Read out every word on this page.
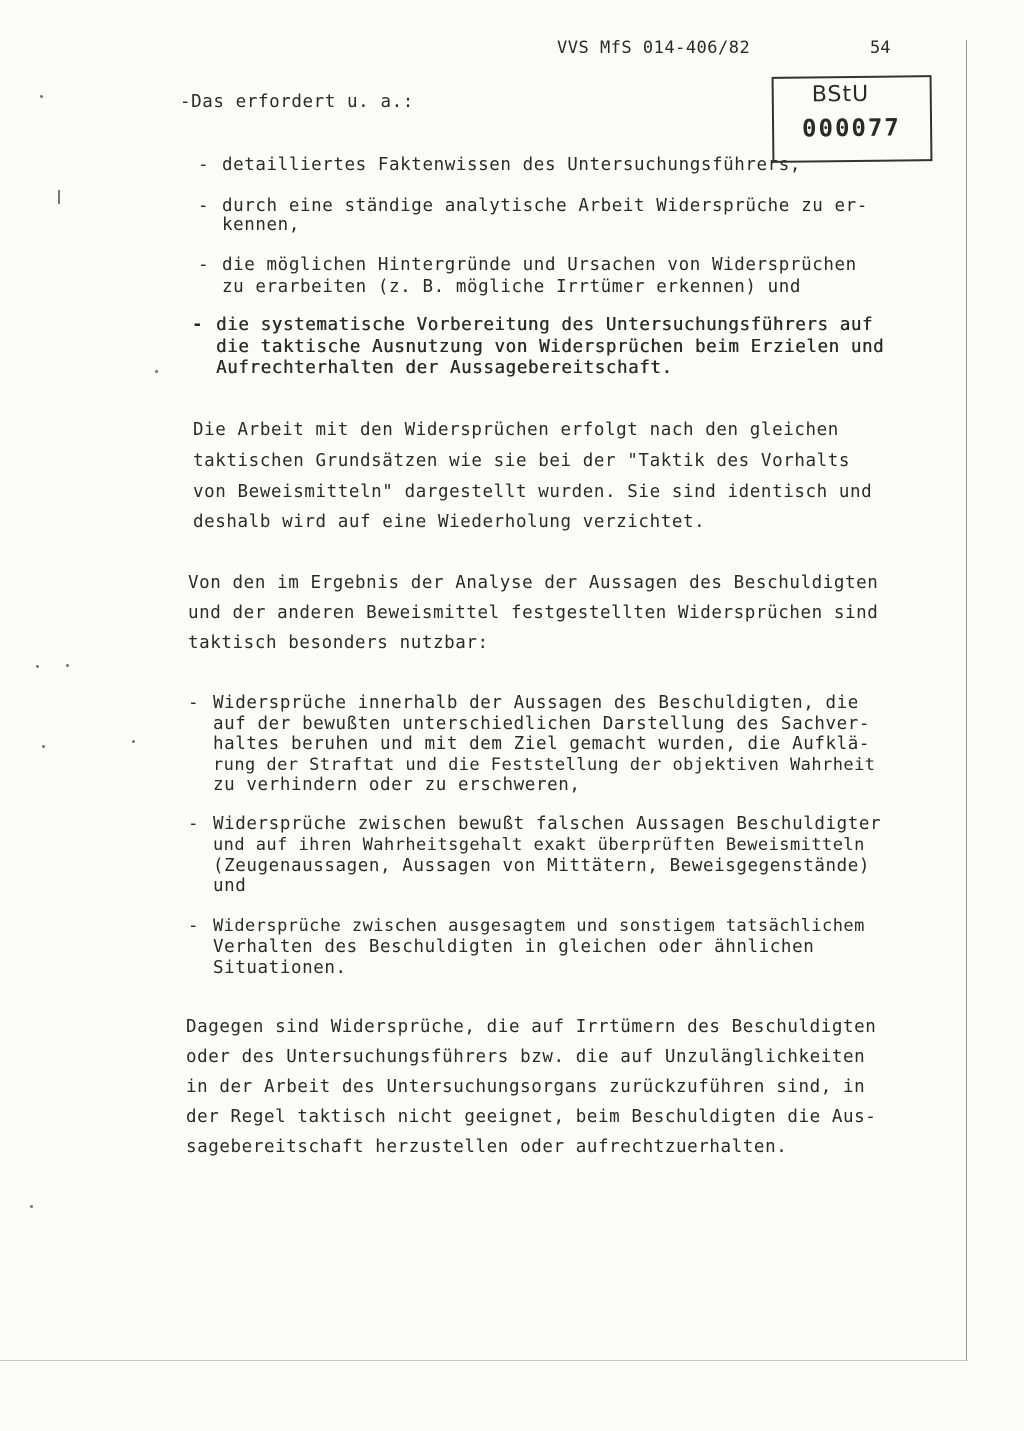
VVS MfS 014-406/82	54
BStU
000077
-Das erfordert u. a.:
- detailliertes Faktenwissen des Untersuchungsführers,
- durch eine ständige analytische Arbeit Widersprüche zu er-
kennen,
- die möglichen Hintergründe und Ursachen von Widersprüchen
zu erarbeiten (z. B. mögliche Irrtümer erkennen) und
- die systematische Vorbereitung des Untersuchungsführers auf
die taktische Ausnutzung von Widersprüchen beim Erzielen und
Aufrechterhalten der Aussagebereitschaft.
Die Arbeit mit den Widersprüchen erfolgt nach den gleichen
taktischen Grundsätzen wie sie bei der "Taktik des Vorhalts
von Beweismitteln" dargestellt wurden. Sie sind identisch und
deshalb wird auf eine Wiederholung verzichtet.
Von den im Ergebnis der Analyse der Aussagen des Beschuldigten
und der anderen Beweismittel festgestellten Widersprüchen sind
taktisch besonders nutzbar:
- Widersprüche innerhalb der Aussagen des Beschuldigten, die
auf der bewußten unterschiedlichen Darstellung des Sachver-
haltes beruhen und mit dem Ziel gemacht wurden, die Aufklä-
rung der Straftat und die Feststellung der objektiven Wahrheit
zu verhindern oder zu erschweren,
- Widersprüche zwischen bewußt falschen Aussagen Beschuldigter
und auf ihren Wahrheitsgehalt exakt überprüften Beweismitteln
(Zeugenaussagen, Aussagen von Mittätern, Beweisgegenstände)
und
- Widersprüche zwischen ausgesagtem und sonstigem tatsächlichem
Verhalten des Beschuldigten in gleichen oder ähnlichen
Situationen.
Dagegen sind Widersprüche, die auf Irrtümern des Beschuldigten
oder des Untersuchungsführers bzw. die auf Unzulänglichkeiten
in der Arbeit des Untersuchungsorgans zurückzuführen sind, in
der Regel taktisch nicht geeignet, beim Beschuldigten die Aus-
sagebereitschaft herzustellen oder aufrechtzuerhalten.
